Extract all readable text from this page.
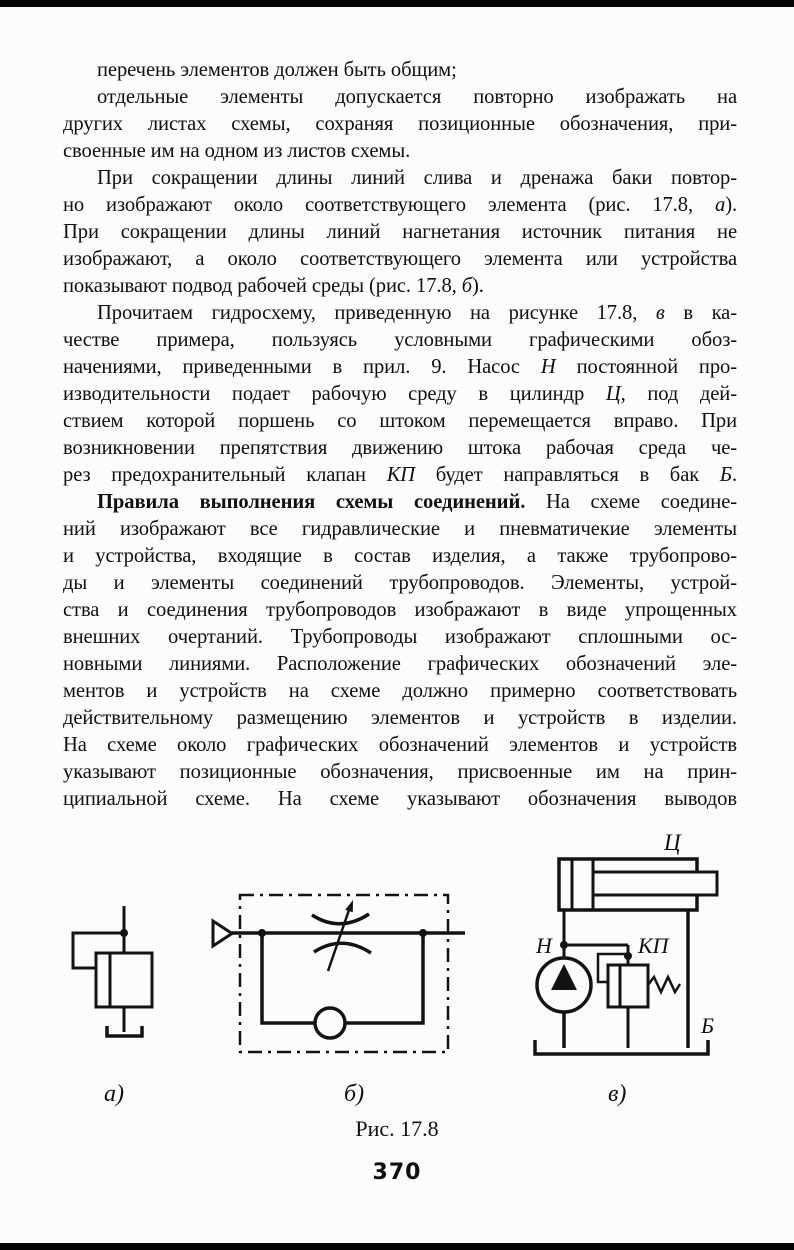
перечень элементов должен быть общим;
отдельные элементы допускается повторно изображать на
других листах схемы, сохраняя позиционные обозначения, при-
своенные им на одном из листов схемы.
При сокращении длины линий слива и дренажа баки повтор-
но изображают около соответствующего элемента (рис. 17.8, а).
При сокращении длины линий нагнетания источник питания не
изображают, а около соответствующего элемента или устройства
показывают подвод рабочей среды (рис. 17.8, б).
Прочитаем гидросхему, приведенную на рисунке 17.8, в в ка-
честве примера, пользуясь условными графическими обоз-
начениями, приведенными в прил. 9. Насос Н постоянной про-
изводительности подает рабочую среду в цилиндр Ц, под дей-
ствием которой поршень со штоком перемещается вправо. При
возникновении препятствия движению штока рабочая среда че-
рез предохранительный клапан КП будет направляться в бак Б.
Правила выполнения схемы соединений. На схеме соедине-
ний изображают все гидравлические и пневматичекие элементы
и устройства, входящие в состав изделия, а также трубопрово-
ды и элементы соединений трубопроводов. Элементы, устрой-
ства и соединения трубопроводов изображают в виде упрощенных
внешних очертаний. Трубопроводы изображают сплошными ос-
новными линиями. Расположение графических обозначений эле-
ментов и устройств на схеме должно примерно соответствовать
действительному размещению элементов и устройств в изделии.
На схеме около графических обозначений элементов и устройств
указывают позиционные обозначения, присвоенные им на прин-
ципиальной схеме. На схеме указывают обозначения выводов
а)	б)
Ц
Н	КП
Б
в)
Рис. 17.8
370
